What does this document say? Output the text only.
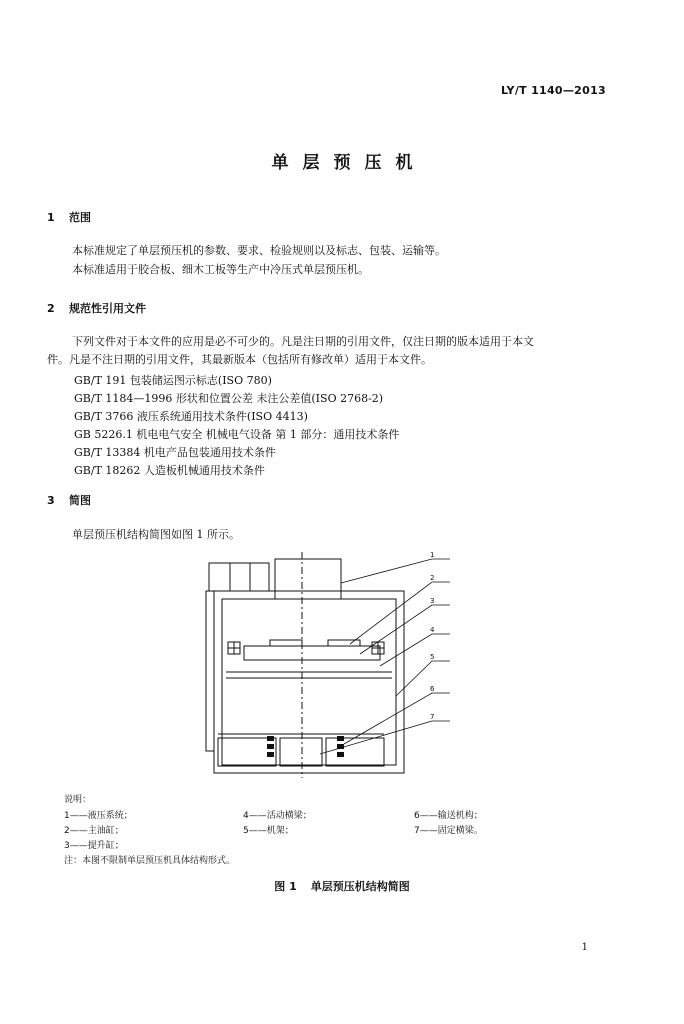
LY/T 1140—2013
单层预压机
1 范围
本标准规定了单层预压机的参数、要求、检验规则以及标志、包装、运输等。
本标准适用于胶合板、细木工板等生产中冷压式单层预压机。
2 规范性引用文件
下列文件对于本文件的应用是必不可少的。凡是注日期的引用文件，仅注日期的版本适用于本文
件。凡是不注日期的引用文件，其最新版本（包括所有修改单）适用于本文件。
GB/T 191 包装储运图示标志(ISO 780)
GB/T 1184—1996 形状和位置公差 未注公差值(ISO 2768-2)
GB/T 3766 液压系统通用技术条件(ISO 4413)
GB 5226.1 机电电气安全 机械电气设备 第 1 部分：通用技术条件
GB/T 13384 机电产品包装通用技术条件
GB/T 18262 人造板机械通用技术条件
3 简图
单层预压机结构简图如图 1 所示。
1
2
3
4
5
6
7
说明：
1——液压系统；
2——主油缸；
3——提升缸；
4——活动横梁；
5——机架；
6——输送机构；
7——固定横梁。
注：本图不限制单层预压机具体结构形式。
图 1 单层预压机结构简图
1
